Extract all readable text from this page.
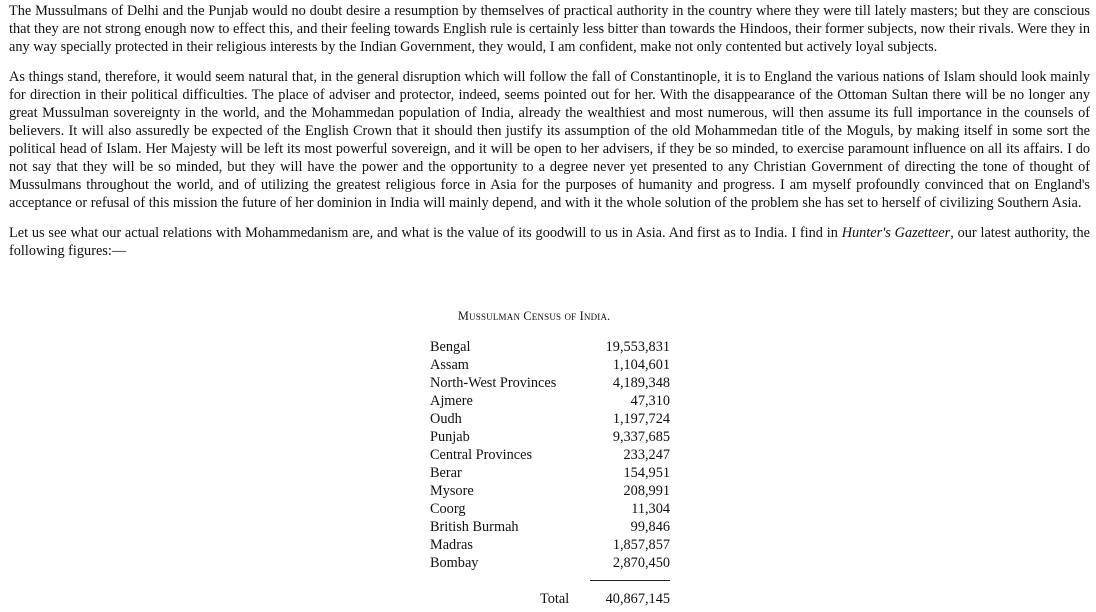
The Mussulmans of Delhi and the Punjab would no doubt desire a resumption by themselves of practical authority in the country where they were till lately masters; but they are conscious that they are not strong enough now to effect this, and their feeling towards English rule is certainly less bitter than towards the Hindoos, their former subjects, now their rivals. Were they in any way specially protected in their religious interests by the Indian Government, they would, I am confident, make not only contented but actively loyal subjects.

As things stand, therefore, it would seem natural that, in the general disruption which will follow the fall of Constantinople, it is to England the various nations of Islam should look mainly for direction in their political difficulties. The place of adviser and protector, indeed, seems pointed out for her. With the disappearance of the Ottoman Sultan there will be no longer any great Mussulman sovereignty in the world, and the Mohammedan population of India, already the wealthiest and most numerous, will then assume its full importance in the counsels of believers. It will also assuredly be expected of the English Crown that it should then justify its assumption of the old Mohammedan title of the Moguls, by making itself in some sort the political head of Islam. Her Majesty will be left its most powerful sovereign, and it will be open to her advisers, if they be so minded, to exercise paramount influence on all its affairs. I do not say that they will be so minded, but they will have the power and the opportunity to a degree never yet presented to any Christian Government of directing the tone of thought of Mussulmans throughout the world, and of utilizing the greatest religious force in Asia for the purposes of humanity and progress. I am myself profoundly convinced that on England's acceptance or refusal of this mission the future of her dominion in India will mainly depend, and with it the whole solution of the problem she has set to herself of civilizing Southern Asia.

Let us see what our actual relations with Mohammedanism are, and what is the value of its goodwill to us in Asia. And first as to India. I find in Hunter's Gazetteer, our latest authority, the following figures:—

Mussulman Census of India.
Bengal	19,553,831
Assam	1,104,601
North-West Provinces	4,189,348
Ajmere	47,310
Oudh	1,197,724
Punjab	9,337,685
Central Provinces	233,247
Berar	154,951
Mysore	208,991
Coorg	11,304
British Burmah	99,846
Madras	1,857,857
Bombay	2,870,450
Total	40,867,145
